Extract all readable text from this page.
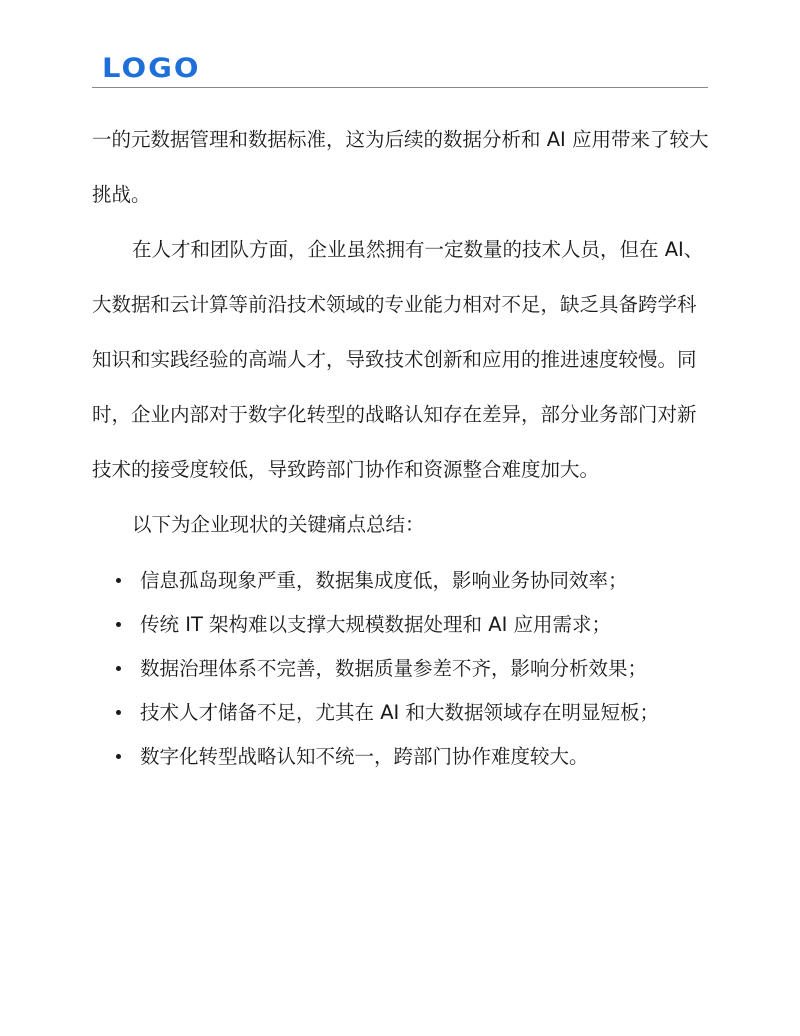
LOGO

一的元数据管理和数据标准，这为后续的数据分析和 AI 应用带来了较大挑战。

在人才和团队方面，企业虽然拥有一定数量的技术人员，但在 AI、大数据和云计算等前沿技术领域的专业能力相对不足，缺乏具备跨学科知识和实践经验的高端人才，导致技术创新和应用的推进速度较慢。同时，企业内部对于数字化转型的战略认知存在差异，部分业务部门对新技术的接受度较低，导致跨部门协作和资源整合难度加大。

以下为企业现状的关键痛点总结：

信息孤岛现象严重，数据集成度低，影响业务协同效率；
传统 IT 架构难以支撑大规模数据处理和 AI 应用需求；
数据治理体系不完善，数据质量参差不齐，影响分析效果；
技术人才储备不足，尤其在 AI 和大数据领域存在明显短板；
数字化转型战略认知不统一，跨部门协作难度较大。
